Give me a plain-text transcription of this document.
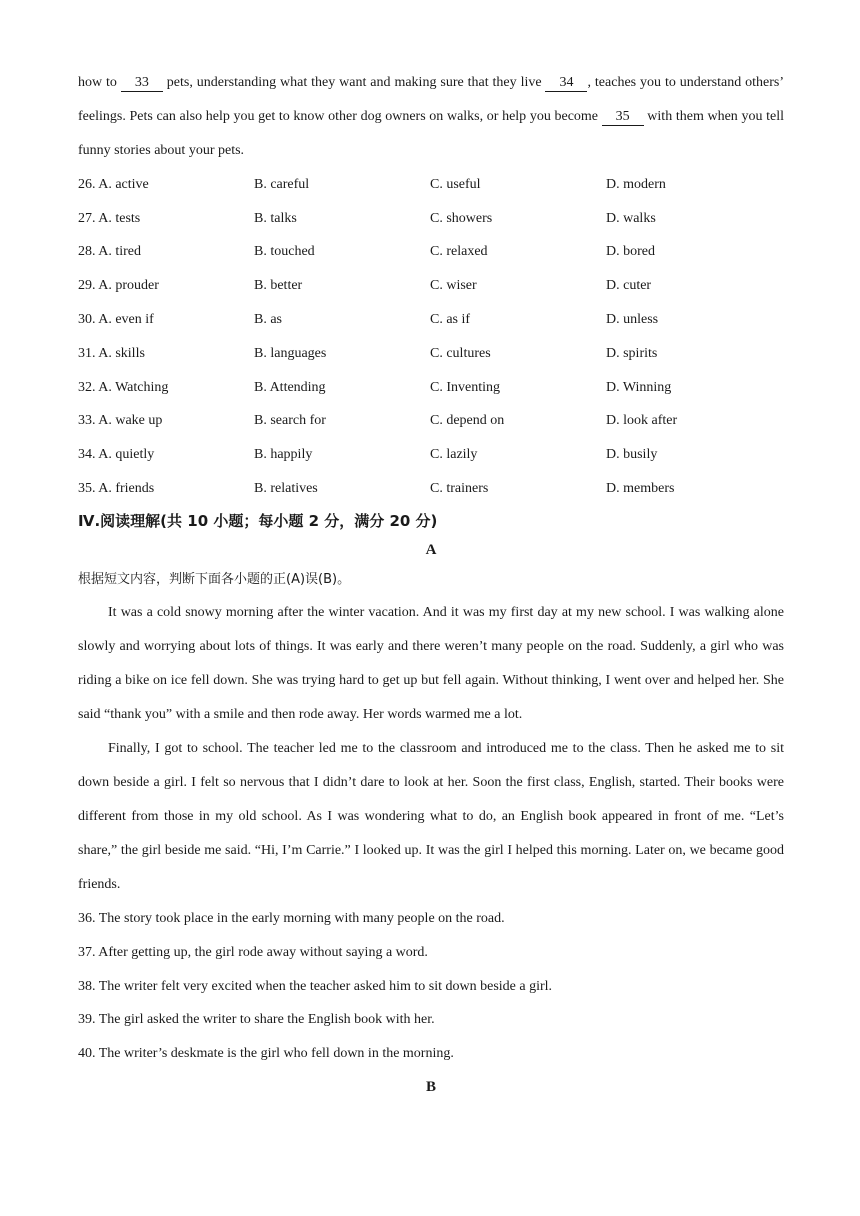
how to 33 pets, understanding what they want and making sure that they live 34 , teaches you to understand others’ feelings. Pets can also help you get to know other dog owners on walks, or help you become 35 with them when you tell funny stories about your pets.

26. A. active	B. careful	C. useful	D. modern
27. A. tests	B. talks	C. showers	D. walks
28. A. tired	B. touched	C. relaxed	D. bored
29. A. prouder	B. better	C. wiser	D. cuter
30. A. even if	B. as	C. as if	D. unless
31. A. skills	B. languages	C. cultures	D. spirits
32. A. Watching	B. Attending	C. Inventing	D. Winning
33. A. wake up	B. search for	C. depend on	D. look after
34. A. quietly	B. happily	C. lazily	D. busily
35. A. friends	B. relatives	C. trainers	D. members
Ⅳ.阅读理解(共 10 小题；每小题 2 分，满分 20 分)
A
根据短文内容，判断下面各小题的正(A)误(B)。

It was a cold snowy morning after the winter vacation. And it was my first day at my new school. I was walking alone slowly and worrying about lots of things. It was early and there weren’t many people on the road. Suddenly, a girl who was riding a bike on ice fell down. She was trying hard to get up but fell again. Without thinking, I went over and helped her. She said “thank you” with a smile and then rode away. Her words warmed me a lot.

Finally, I got to school. The teacher led me to the classroom and introduced me to the class. Then he asked me to sit down beside a girl. I felt so nervous that I didn’t dare to look at her. Soon the first class, English, started. Their books were different from those in my old school. As I was wondering what to do, an English book appeared in front of me. “Let’s share,” the girl beside me said. “Hi, I’m Carrie.” I looked up. It was the girl I helped this morning. Later on, we became good friends.

36. The story took place in the early morning with many people on the road.
37. After getting up, the girl rode away without saying a word.
38. The writer felt very excited when the teacher asked him to sit down beside a girl.
39. The girl asked the writer to share the English book with her.
40. The writer’s deskmate is the girl who fell down in the morning.
B
